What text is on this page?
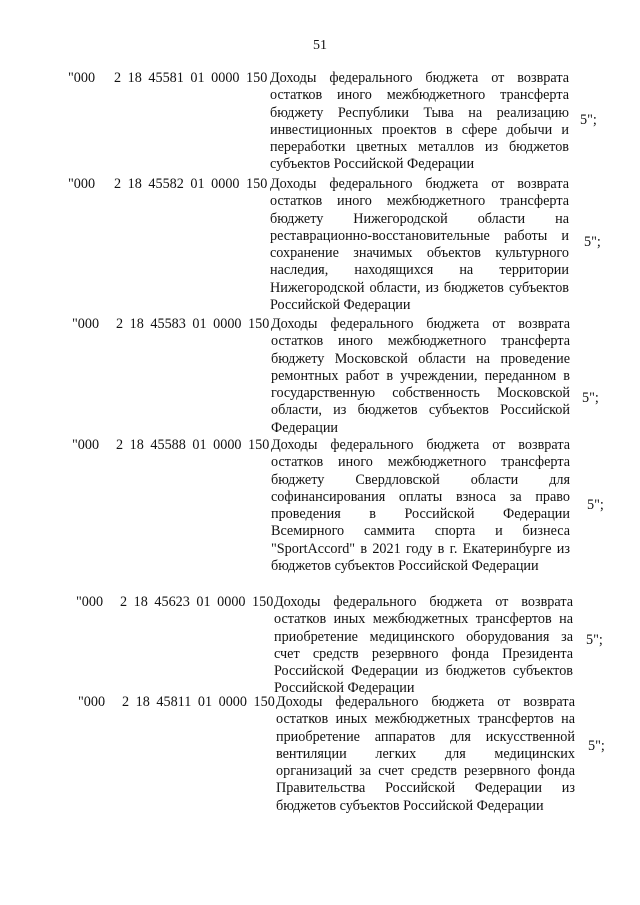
51
"000 2 18 45581 01 0000 150 Доходы федерального бюджета от возврата остатков иного межбюджетного трансферта бюджету Республики Тыва на реализацию инвестиционных проектов в сфере добычи и переработки цветных металлов из бюджетов субъектов Российской Федерации
5";
"000 2 18 45582 01 0000 150 Доходы федерального бюджета от возврата остатков иного межбюджетного трансферта бюджету Нижегородской области на реставрационно-восстановительные работы и сохранение значимых объектов культурного наследия, находящихся на территории Нижегородской области, из бюджетов субъектов Российской Федерации
5";
"000 2 18 45583 01 0000 150 Доходы федерального бюджета от возврата остатков иного межбюджетного трансферта бюджету Московской области на проведение ремонтных работ в учреждении, переданном в государственную собственность Московской области, из бюджетов субъектов Российской Федерации
5";
"000 2 18 45588 01 0000 150 Доходы федерального бюджета от возврата остатков иного межбюджетного трансферта бюджету Свердловской области для софинансирования оплаты взноса за право проведения в Российской Федерации Всемирного саммита спорта и бизнеса "SportAccord" в 2021 году в г. Екатеринбурге из бюджетов субъектов Российской Федерации
5";
"000 2 18 45623 01 0000 150 Доходы федерального бюджета от возврата остатков иных межбюджетных трансфертов на приобретение медицинского оборудования за счет средств резервного фонда Президента Российской Федерации из бюджетов субъектов Российской Федерации
5";
"000 2 18 45811 01 0000 150 Доходы федерального бюджета от возврата остатков иных межбюджетных трансфертов на приобретение аппаратов для искусственной вентиляции легких для медицинских организаций за счет средств резервного фонда Правительства Российской Федерации из бюджетов субъектов Российской Федерации
5";
